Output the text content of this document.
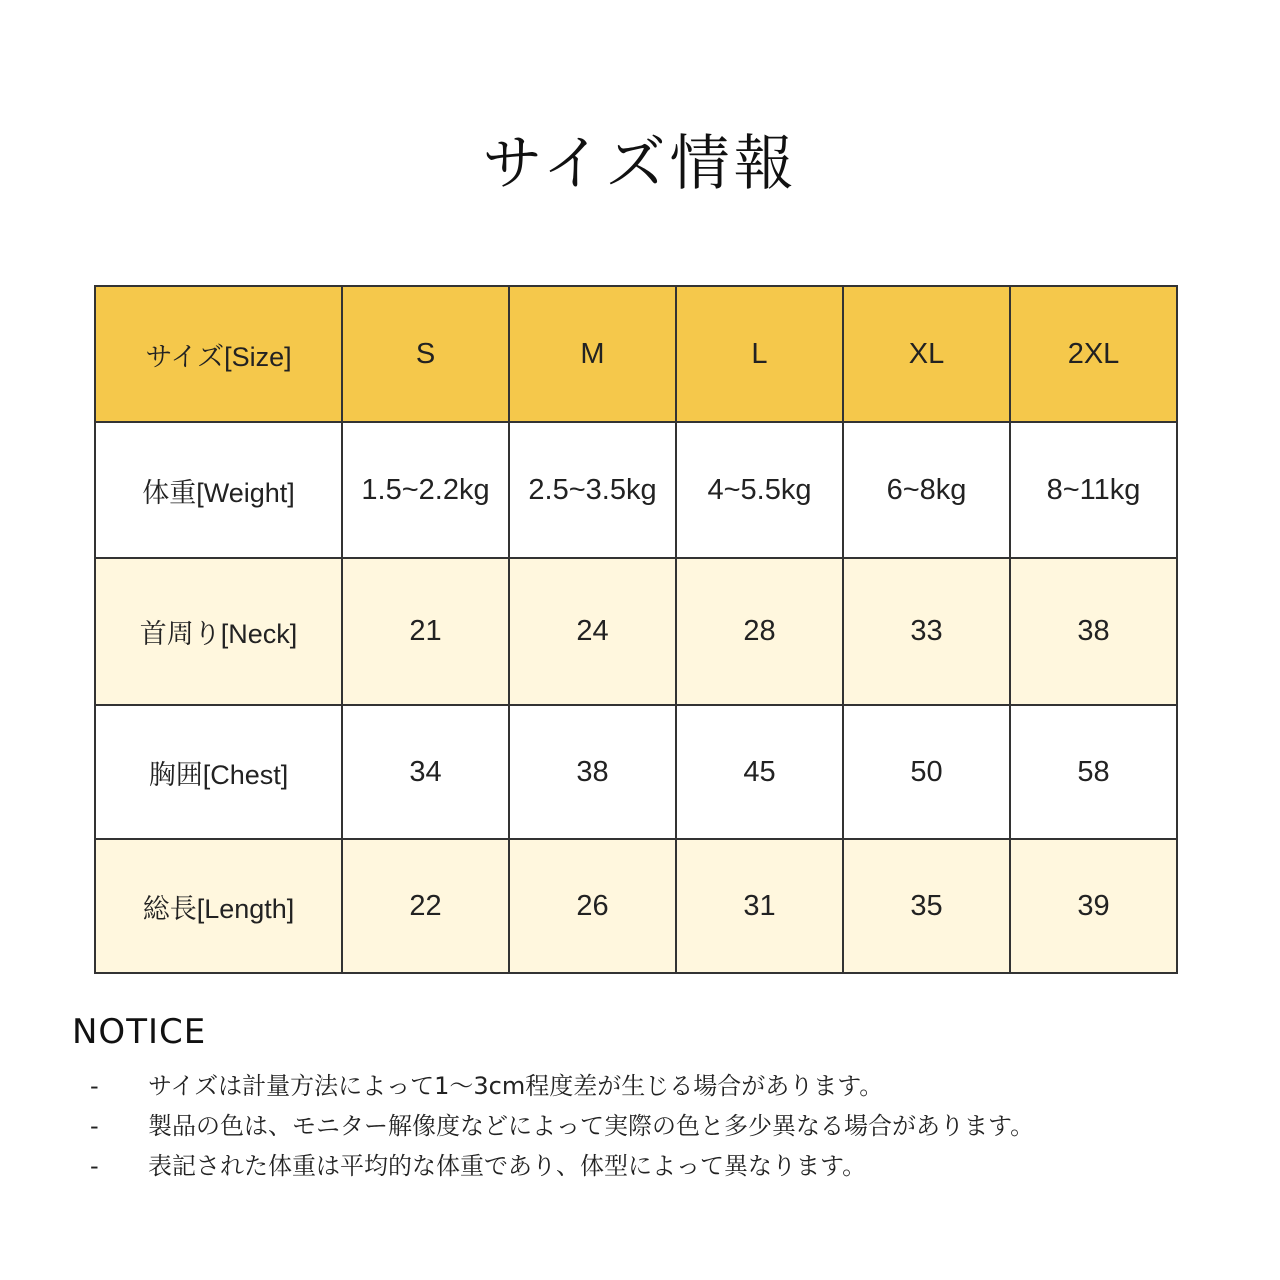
サイズ情報
サイズ[Size]	S	M	L	XL	2XL
体重[Weight]	1.5~2.2kg	2.5~3.5kg	4~5.5kg	6~8kg	8~11kg
首周り[Neck]	21	24	28	33	38
胸囲[Chest]	34	38	45	50	58
総長[Length]	22	26	31	35	39
NOTICE
-	サイズは計量方法によって1～3cm程度差が生じる場合があります。
-	製品の色は、モニター解像度などによって実際の色と多少異なる場合があります。
-	表記された体重は平均的な体重であり、体型によって異なります。
